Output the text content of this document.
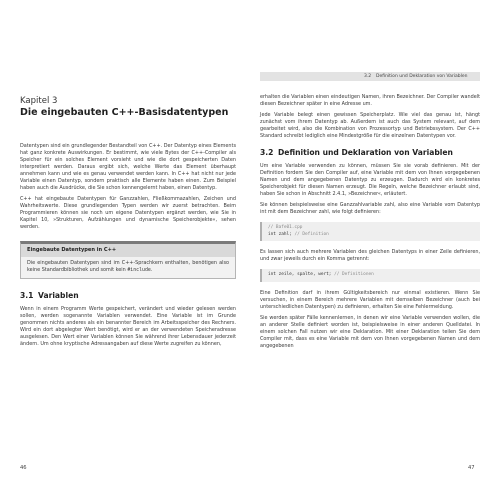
Kapitel 3
Die eingebauten C++-Basisdatentypen

Datentypen sind ein grundlegender Bestandteil von C++. Der Datentyp eines Elements hat ganz konkrete Auswirkungen. Er bestimmt, wie viele Bytes der C++-Compiler als Speicher für ein solches Element vorsieht und wie die dort gespeicherten Daten interpretiert werden. Daraus ergibt sich, welche Werte das Element überhaupt annehmen kann und wie es genau verwendet werden kann. In C++ hat nicht nur jede Variable einen Datentyp, sondern praktisch alle Elemente haben einen. Zum Beispiel haben auch die Ausdrücke, die Sie schon kennengelernt haben, einen Datentyp.

C++ hat eingebaute Datentypen für Ganzzahlen, Fließkommazahlen, Zeichen und Wahrheitswerte. Diese grundlegenden Typen werden wir zuerst betrachten. Beim Programmieren können sie noch um eigene Datentypen ergänzt werden, wie Sie in Kapitel 10, »Strukturen, Aufzählungen und dynamische Speicherobjekte«, sehen werden.

Eingebaute Datentypen in C++
Die eingebauten Datentypen sind im C++-Sprachkern enthalten, benötigen also keine Standardbibliothek und somit kein #include.
3.1 Variablen

Wenn in einem Programm Werte gespeichert, verändert und wieder gelesen werden sollen, werden sogenannte Variablen verwendet. Eine Variable ist im Grunde genommen nichts anderes als ein benannter Bereich im Arbeitsspeicher des Rechners. Wird ein dort abgelegter Wert benötigt, wird er an der verwendeten Speicheradresse ausgelesen. Den Wert einer Variablen können Sie während ihrer Lebensdauer jederzeit ändern. Um ohne kryptische Adressangaben auf diese Werte zugreifen zu können,

46
3.2 Definition und Deklaration von Variablen

erhalten die Variablen einen eindeutigen Namen, ihren Bezeichner. Der Compiler wandelt diesen Bezeichner später in eine Adresse um.

Jede Variable belegt einen gewissen Speicherplatz. Wie viel das genau ist, hängt zunächst vom ihrem Datentyp ab. Außerdem ist auch das System relevant, auf dem gearbeitet wird, also die Kombination von Prozessortyp und Betriebssystem. Der C++ Standard schreibt lediglich eine Mindestgröße für die einzelnen Datentypen vor.

3.2 Definition und Deklaration von Variablen

Um eine Variable verwenden zu können, müssen Sie sie vorab definieren. Mit der Definition fordern Sie den Compiler auf, eine Variable mit dem von Ihnen vorgegebenen Namen und dem angegebenen Datentyp zu erzeugen. Dadurch wird ein konkretes Speicherobjekt für diesen Namen erzeugt. Die Regeln, welche Bezeichner erlaubt sind, haben Sie schon in Abschnitt 2.4.1, »Bezeichner«, erläutert.

Sie können beispielsweise eine Ganzzahlvariable zahl, also eine Variable vom Datentyp int mit dem Bezeichner zahl, wie folgt definieren:

// Bafe01.cpp
int zahl; // Definition

Es lassen sich auch mehrere Variablen des gleichen Datentyps in einer Zeile definieren, und zwar jeweils durch ein Komma getrennt:

int zeile, spalte, wert; // Definitionen

Eine Definition darf in ihrem Gültigkeitsbereich nur einmal existieren. Wenn Sie versuchen, in einem Bereich mehrere Variablen mit demselben Bezeichner (auch bei unterschiedlichen Datentypen) zu definieren, erhalten Sie eine Fehlermeldung.

Sie werden später Fälle kennenlernen, in denen wir eine Variable verwenden wollen, die an anderer Stelle definiert worden ist, beispielsweise in einer anderen Quelldatei. In einem solchen Fall nutzen wir eine Deklaration. Mit einer Deklaration teilen Sie dem Compiler mit, dass es eine Variable mit dem von Ihnen vorgegebenen Namen und dem angegebenen

47
